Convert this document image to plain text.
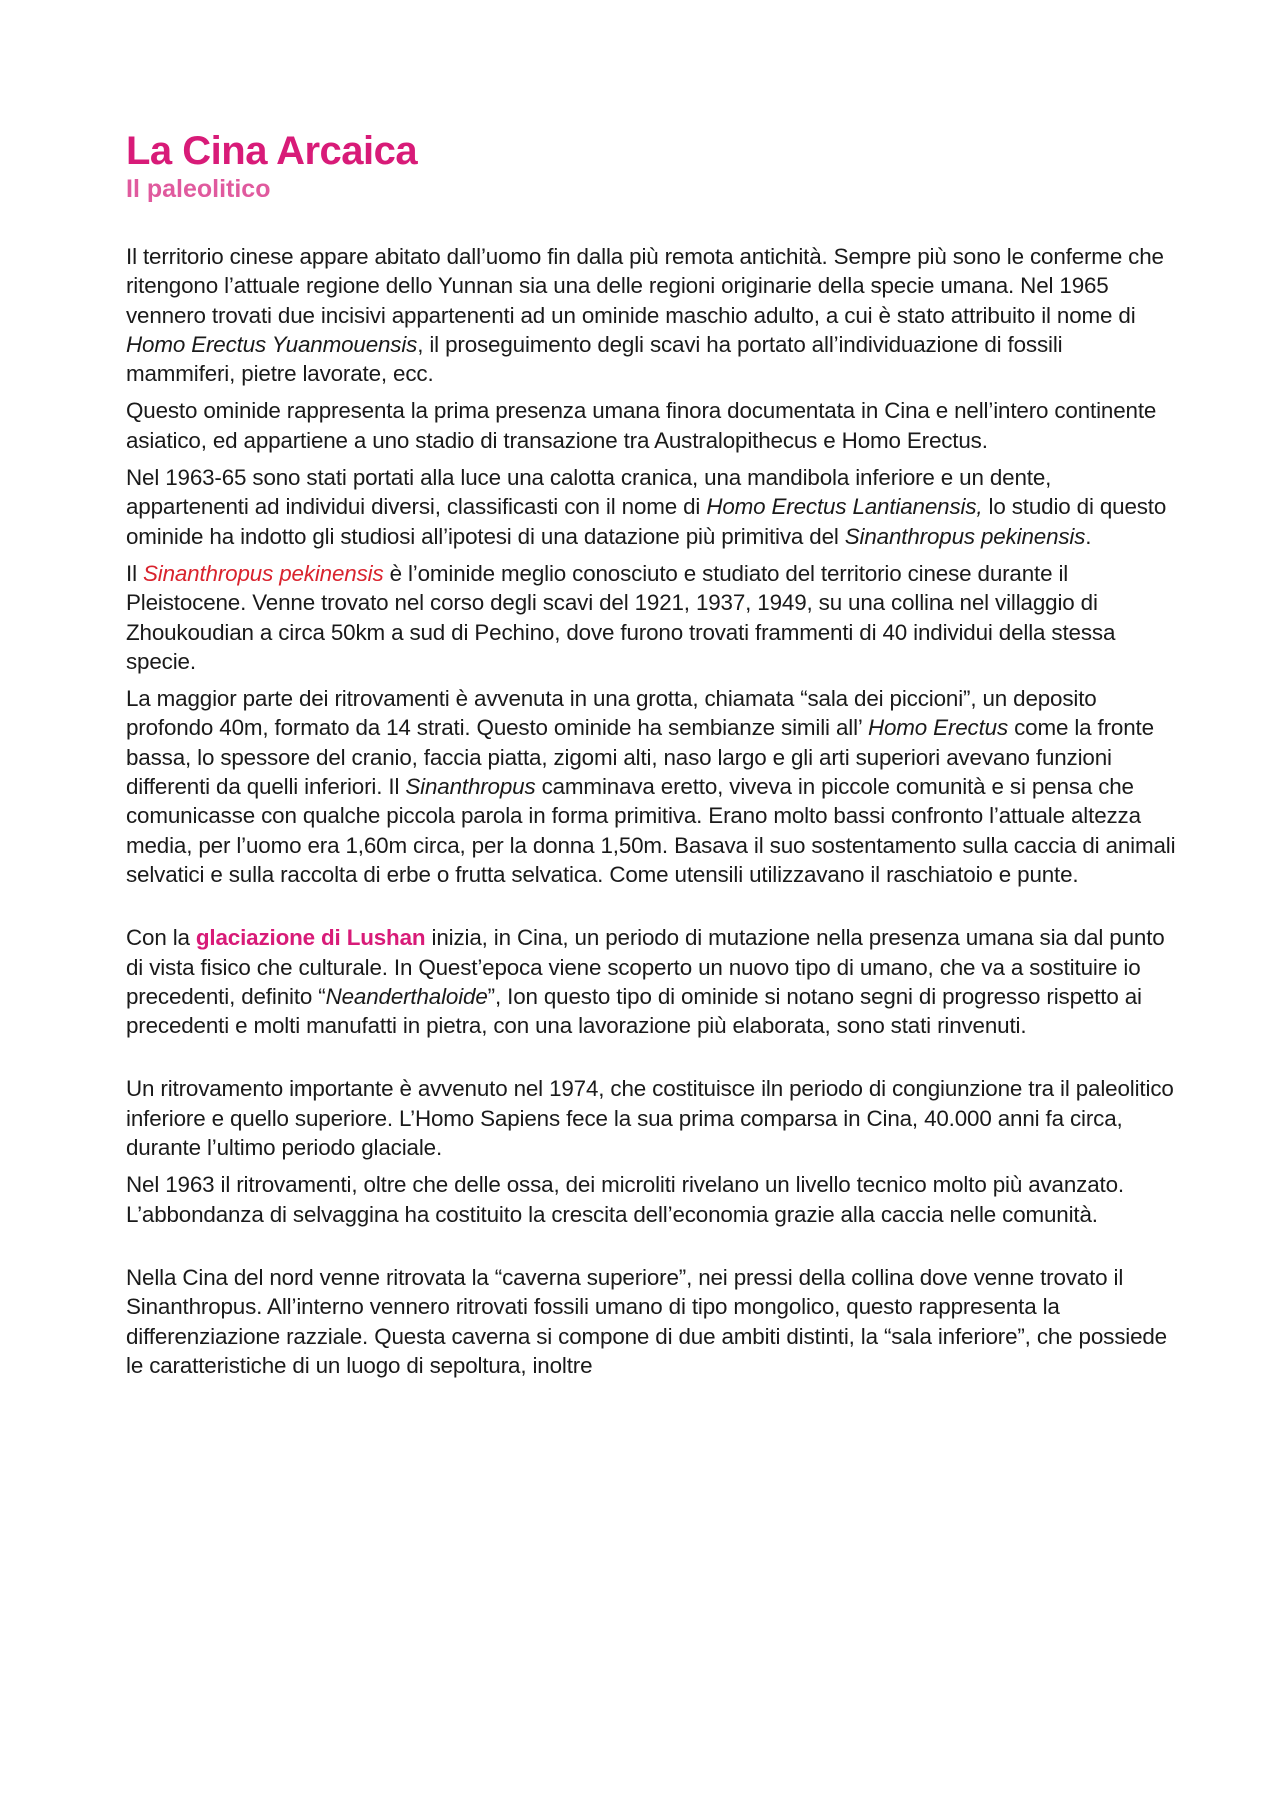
La Cina Arcaica
Il paleolitico

Il territorio cinese appare abitato dall’uomo fin dalla più remota antichità. Sempre più sono le conferme che ritengono l’attuale regione dello Yunnan sia una delle regioni originarie della specie umana. Nel 1965 vennero trovati due incisivi appartenenti ad un ominide maschio adulto, a cui è stato attribuito il nome di Homo Erectus Yuanmouensis, il proseguimento degli scavi ha portato all’individuazione di fossili mammiferi, pietre lavorate, ecc.

Questo ominide rappresenta la prima presenza umana finora documentata in Cina e nell’intero continente asiatico, ed appartiene a uno stadio di transazione tra Australopithecus e Homo Erectus.

Nel 1963-65 sono stati portati alla luce una calotta cranica, una mandibola inferiore e un dente, appartenenti ad individui diversi, classificasti con il nome di Homo Erectus Lantianensis, lo studio di questo ominide ha indotto gli studiosi all’ipotesi di una datazione più primitiva del Sinanthropus pekinensis.

Il Sinanthropus pekinensis è l’ominide meglio conosciuto e studiato del territorio cinese durante il Pleistocene. Venne trovato nel corso degli scavi del 1921, 1937, 1949, su una collina nel villaggio di Zhoukoudian a circa 50km a sud di Pechino, dove furono trovati frammenti di 40 individui della stessa specie.

La maggior parte dei ritrovamenti è avvenuta in una grotta, chiamata “sala dei piccioni”, un deposito profondo 40m, formato da 14 strati. Questo ominide ha sembianze simili all’ Homo Erectus come la fronte bassa, lo spessore del cranio, faccia piatta, zigomi alti, naso largo e gli arti superiori avevano funzioni differenti da quelli inferiori. Il Sinanthropus camminava eretto, viveva in piccole comunità e si pensa che comunicasse con qualche piccola parola in forma primitiva. Erano molto bassi confronto l’attuale altezza media, per l’uomo era 1,60m circa, per la donna 1,50m. Basava il suo sostentamento sulla caccia di animali selvatici e sulla raccolta di erbe o frutta selvatica. Come utensili utilizzavano il raschiatoio e punte.

Con la glaciazione di Lushan inizia, in Cina, un periodo di mutazione nella presenza umana sia dal punto di vista fisico che culturale. In Quest’epoca viene scoperto un nuovo tipo di umano, che va a sostituire io precedenti, definito “Neanderthaloide”, Ion questo tipo di ominide si notano segni di progresso rispetto ai precedenti e molti manufatti in pietra, con una lavorazione più elaborata, sono stati rinvenuti.

Un ritrovamento importante è avvenuto nel 1974, che costituisce iln periodo di congiunzione tra il paleolitico inferiore e quello superiore. L’Homo Sapiens fece la sua prima comparsa in Cina, 40.000 anni fa circa, durante l’ultimo periodo glaciale.

Nel 1963 il ritrovamenti, oltre che delle ossa, dei microliti rivelano un livello tecnico molto più avanzato. L’abbondanza di selvaggina ha costituito la crescita dell’economia grazie alla caccia nelle comunità.

Nella Cina del nord venne ritrovata la “caverna superiore”, nei pressi della collina dove venne trovato il Sinanthropus. All’interno vennero ritrovati fossili umano di tipo mongolico, questo rappresenta la differenziazione razziale. Questa caverna si compone di due ambiti distinti, la “sala inferiore”, che possiede le caratteristiche di un luogo di sepoltura, inoltre
